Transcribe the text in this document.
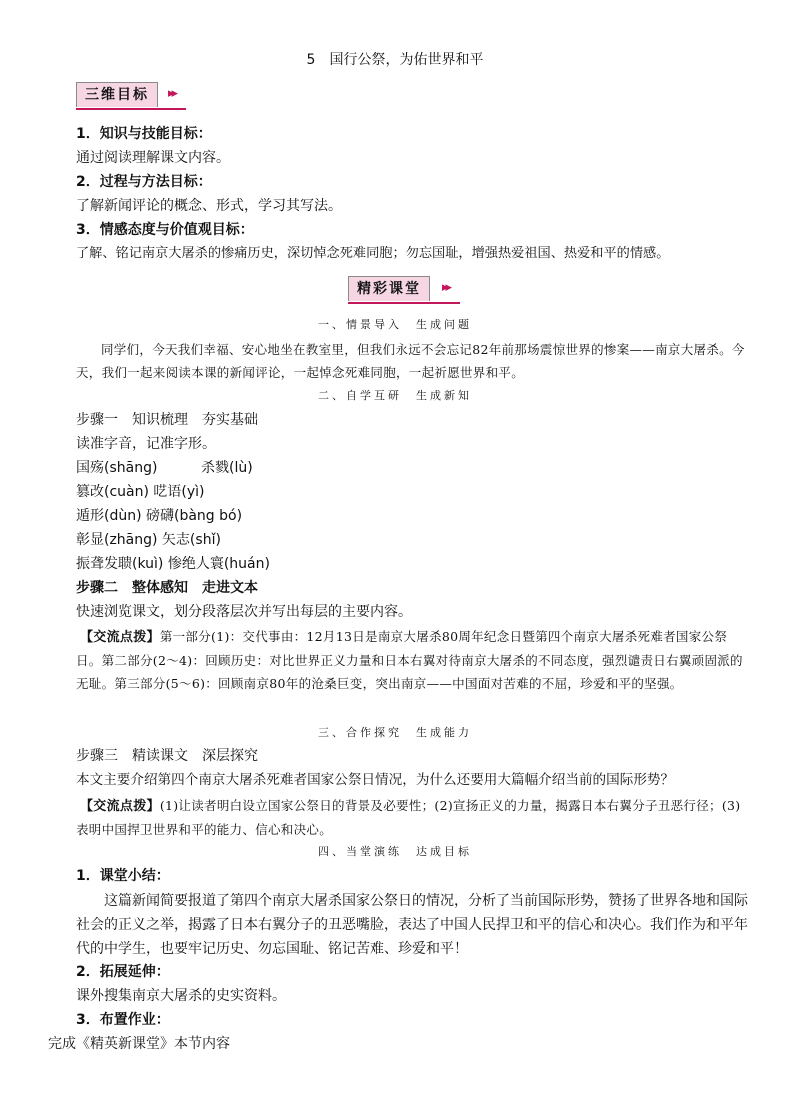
5　国行公祭，为佑世界和平
三维目标	▸▸
1．知识与技能目标：
通过阅读理解课文内容。
2．过程与方法目标：
了解新闻评论的概念、形式，学习其写法。
3．情感态度与价值观目标：
了解、铭记南京大屠杀的惨痛历史，深切悼念死难同胞；勿忘国耻，增强热爱祖国、热爱和平的情感。
精彩课堂	▸▸
一、情景导入　生成问题
同学们，今天我们幸福、安心地坐在教室里，但我们永远不会忘记82年前那场震惊世界的惨案——南京大屠杀。今天，我们一起来阅读本课的新闻评论，一起悼念死难同胞，一起祈愿世界和平。
二、自学互研　生成新知
步骤一　知识梳理　夯实基础
读准字音，记准字形。
国殇(shāng)	杀戮(lù)
篡改(cuàn) 呓语(yì)
遁形(dùn) 磅礴(bàng bó)
彰显(zhāng) 矢志(shǐ)
振聋发聩(kuì) 惨绝人寰(huán)
步骤二　整体感知　走进文本
快速浏览课文，划分段落层次并写出每层的主要内容。
【交流点拨】第一部分(1)：交代事由：12月13日是南京大屠杀80周年纪念日暨第四个南京大屠杀死难者国家公祭日。第二部分(2～4)：回顾历史：对比世界正义力量和日本右翼对待南京大屠杀的不同态度，强烈谴责日右翼顽固派的无耻。第三部分(5～6)：回顾南京80年的沧桑巨变，突出南京——中国面对苦难的不屈，珍爱和平的坚强。
三、合作探究　生成能力
步骤三　精读课文　深层探究
本文主要介绍第四个南京大屠杀死难者国家公祭日情况，为什么还要用大篇幅介绍当前的国际形势？
【交流点拨】(1)让读者明白设立国家公祭日的背景及必要性；(2)宣扬正义的力量，揭露日本右翼分子丑恶行径；(3)表明中国捍卫世界和平的能力、信心和决心。
四、当堂演练　达成目标
1．课堂小结：
这篇新闻简要报道了第四个南京大屠杀国家公祭日的情况，分析了当前国际形势，赞扬了世界各地和国际社会的正义之举，揭露了日本右翼分子的丑恶嘴脸，表达了中国人民捍卫和平的信心和决心。我们作为和平年代的中学生，也要牢记历史、勿忘国耻、铭记苦难、珍爱和平！
2．拓展延伸：
课外搜集南京大屠杀的史实资料。
3．布置作业：
完成《精英新课堂》本节内容
